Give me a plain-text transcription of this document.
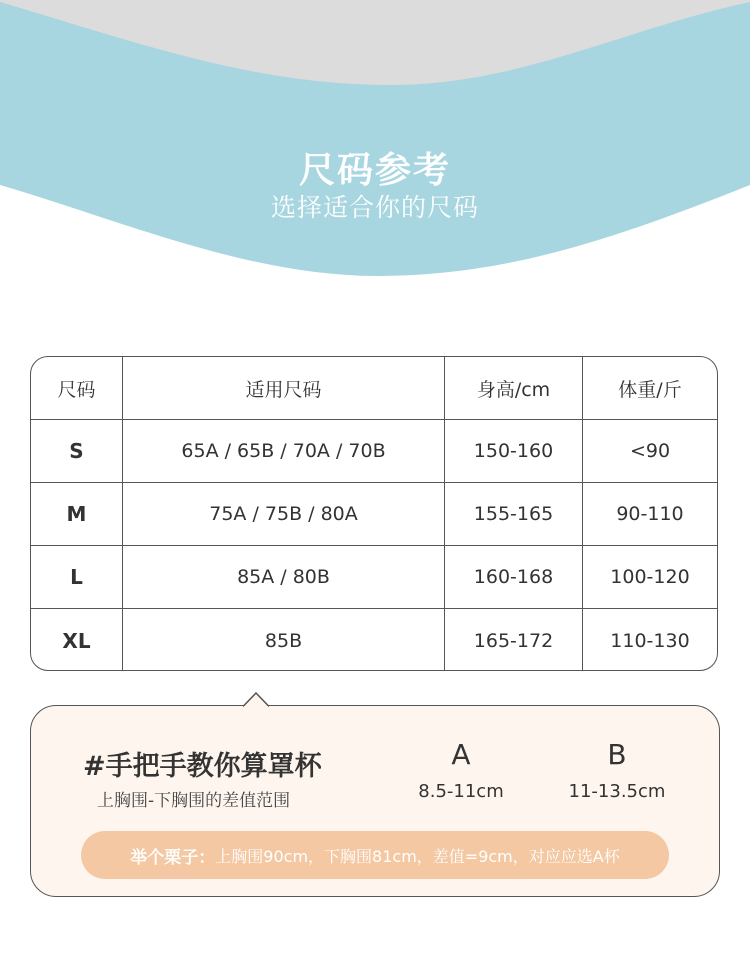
尺码参考
选择适合你的尺码
尺码	适用尺码	身高/cm	体重/斤
S	65A / 65B / 70A / 70B	150-160	<90
M	75A / 75B / 80A	155-165	90-110
L	85A / 80B	160-168	100-120
XL	85B	165-172	110-130
#手把手教你算罩杯
上胸围-下胸围的差值范围
A
8.5-11cm
B
11-13.5cm
举个栗子： 上胸围90cm，下胸围81cm，差值=9cm，对应应选A杯
